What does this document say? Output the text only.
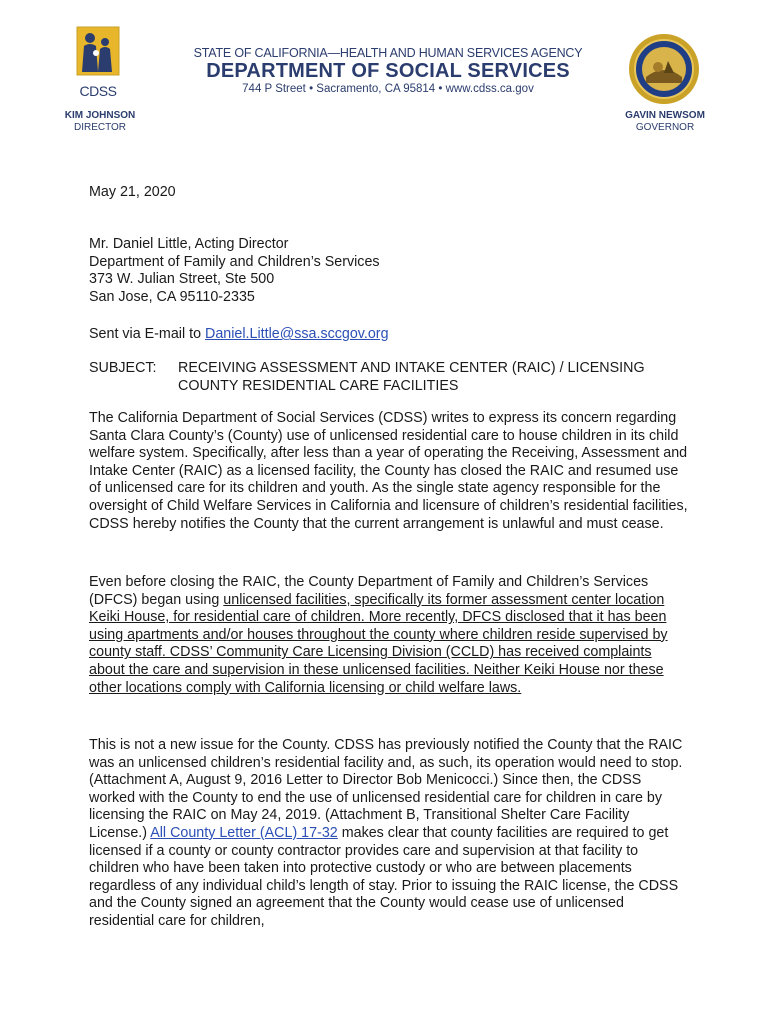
CDSS
KIM JOHNSON
DIRECTOR
STATE OF CALIFORNIA—HEALTH AND HUMAN SERVICES AGENCY
DEPARTMENT OF SOCIAL SERVICES
744 P Street • Sacramento, CA 95814 • www.cdss.ca.gov
GAVIN NEWSOM
GOVERNOR
May 21, 2020
Mr. Daniel Little, Acting Director
Department of Family and Children’s Services
373 W. Julian Street, Ste 500
San Jose, CA 95110-2335
Sent via E-mail to Daniel.Little@ssa.sccgov.org
SUBJECT: RECEIVING ASSESSMENT AND INTAKE CENTER (RAIC) / LICENSING COUNTY RESIDENTIAL CARE FACILITIES
The California Department of Social Services (CDSS) writes to express its concern regarding Santa Clara County’s (County) use of unlicensed residential care to house children in its child welfare system. Specifically, after less than a year of operating the Receiving, Assessment and Intake Center (RAIC) as a licensed facility, the County has closed the RAIC and resumed use of unlicensed care for its children and youth. As the single state agency responsible for the oversight of Child Welfare Services in California and licensure of children’s residential facilities, CDSS hereby notifies the County that the current arrangement is unlawful and must cease.
Even before closing the RAIC, the County Department of Family and Children’s Services (DFCS) began using unlicensed facilities, specifically its former assessment center location Keiki House, for residential care of children. More recently, DFCS disclosed that it has been using apartments and/or houses throughout the county where children reside supervised by county staff. CDSS’ Community Care Licensing Division (CCLD) has received complaints about the care and supervision in these unlicensed facilities. Neither Keiki House nor these other locations comply with California licensing or child welfare laws.
This is not a new issue for the County. CDSS has previously notified the County that the RAIC was an unlicensed children’s residential facility and, as such, its operation would need to stop. (Attachment A, August 9, 2016 Letter to Director Bob Menicocci.) Since then, the CDSS worked with the County to end the use of unlicensed residential care for children in care by licensing the RAIC on May 24, 2019. (Attachment B, Transitional Shelter Care Facility License.) All County Letter (ACL) 17-32 makes clear that county facilities are required to get licensed if a county or county contractor provides care and supervision at that facility to children who have been taken into protective custody or who are between placements regardless of any individual child’s length of stay. Prior to issuing the RAIC license, the CDSS and the County signed an agreement that the County would cease use of unlicensed residential care for children,
